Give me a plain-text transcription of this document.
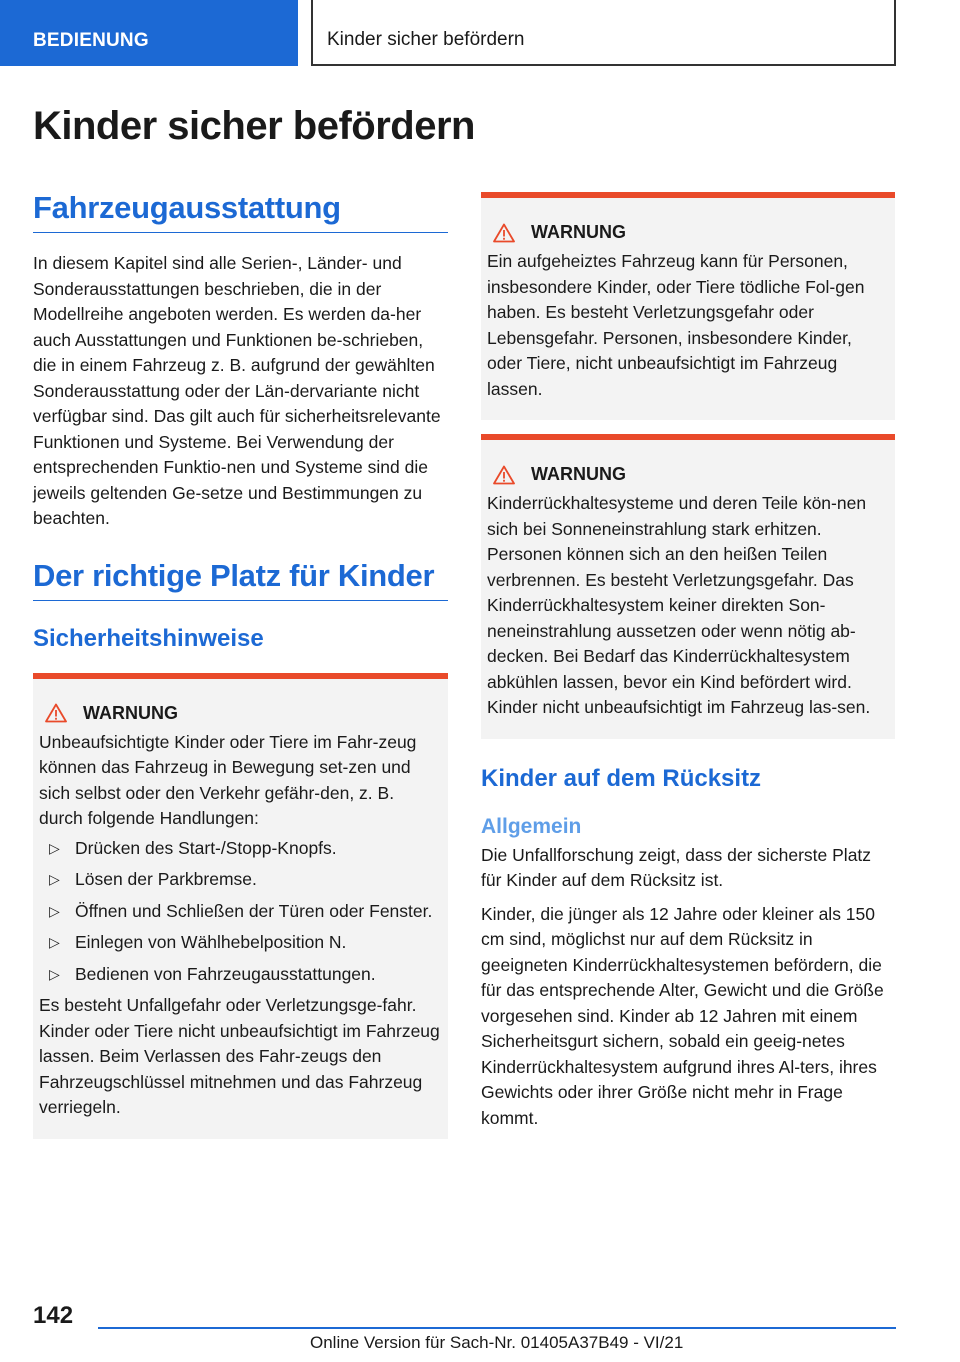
BEDIENUNG	Kinder sicher befördern
Kinder sicher befördern
Fahrzeugausstattung

In diesem Kapitel sind alle Serien-, Länder- und Sonderausstattungen beschrieben, die in der Modellreihe angeboten werden. Es werden da-her auch Ausstattungen und Funktionen be-schrieben, die in einem Fahrzeug z. B. aufgrund der gewählten Sonderausstattung oder der Län-dervariante nicht verfügbar sind. Das gilt auch für sicherheitsrelevante Funktionen und Systeme. Bei Verwendung der entsprechenden Funktio-nen und Systeme sind die jeweils geltenden Ge-setze und Bestimmungen zu beachten.

Der richtige Platz für Kinder
Sicherheitshinweise
WARNUNG

Unbeaufsichtigte Kinder oder Tiere im Fahr-zeug können das Fahrzeug in Bewegung set-zen und sich selbst oder den Verkehr gefähr-den, z. B. durch folgende Handlungen:

▷ Drücken des Start-/Stopp-Knopfs.
▷ Lösen der Parkbremse.
▷ Öffnen und Schließen der Türen oder Fenster.
▷ Einlegen von Wählhebelposition N.
▷ Bedienen von Fahrzeugausstattungen.

Es besteht Unfallgefahr oder Verletzungsge-fahr. Kinder oder Tiere nicht unbeaufsichtigt im Fahrzeug lassen. Beim Verlassen des Fahr-zeugs den Fahrzeugschlüssel mitnehmen und das Fahrzeug verriegeln.

WARNUNG

Ein aufgeheiztes Fahrzeug kann für Personen, insbesondere Kinder, oder Tiere tödliche Fol-gen haben. Es besteht Verletzungsgefahr oder Lebensgefahr. Personen, insbesondere Kinder, oder Tiere, nicht unbeaufsichtigt im Fahrzeug lassen.

WARNUNG

Kinderrückhaltesysteme und deren Teile kön-nen sich bei Sonneneinstrahlung stark erhitzen. Personen können sich an den heißen Teilen verbrennen. Es besteht Verletzungsgefahr. Das Kinderrückhaltesystem keiner direkten Son-neneinstrahlung aussetzen oder wenn nötig ab-decken. Bei Bedarf das Kinderrückhaltesystem abkühlen lassen, bevor ein Kind befördert wird. Kinder nicht unbeaufsichtigt im Fahrzeug las-sen.

Kinder auf dem Rücksitz
Allgemein

Die Unfallforschung zeigt, dass der sicherste Platz für Kinder auf dem Rücksitz ist.

Kinder, die jünger als 12 Jahre oder kleiner als 150 cm sind, möglichst nur auf dem Rücksitz in geeigneten Kinderrückhaltesystemen befördern, die für das entsprechende Alter, Gewicht und die Größe vorgesehen sind. Kinder ab 12 Jahren mit einem Sicherheitsgurt sichern, sobald ein geeig-netes Kinderrückhaltesystem aufgrund ihres Al-ters, ihres Gewichts oder ihrer Größe nicht mehr in Frage kommt.

142
Online Version für Sach-Nr. 01405A37B49 - VI/21
